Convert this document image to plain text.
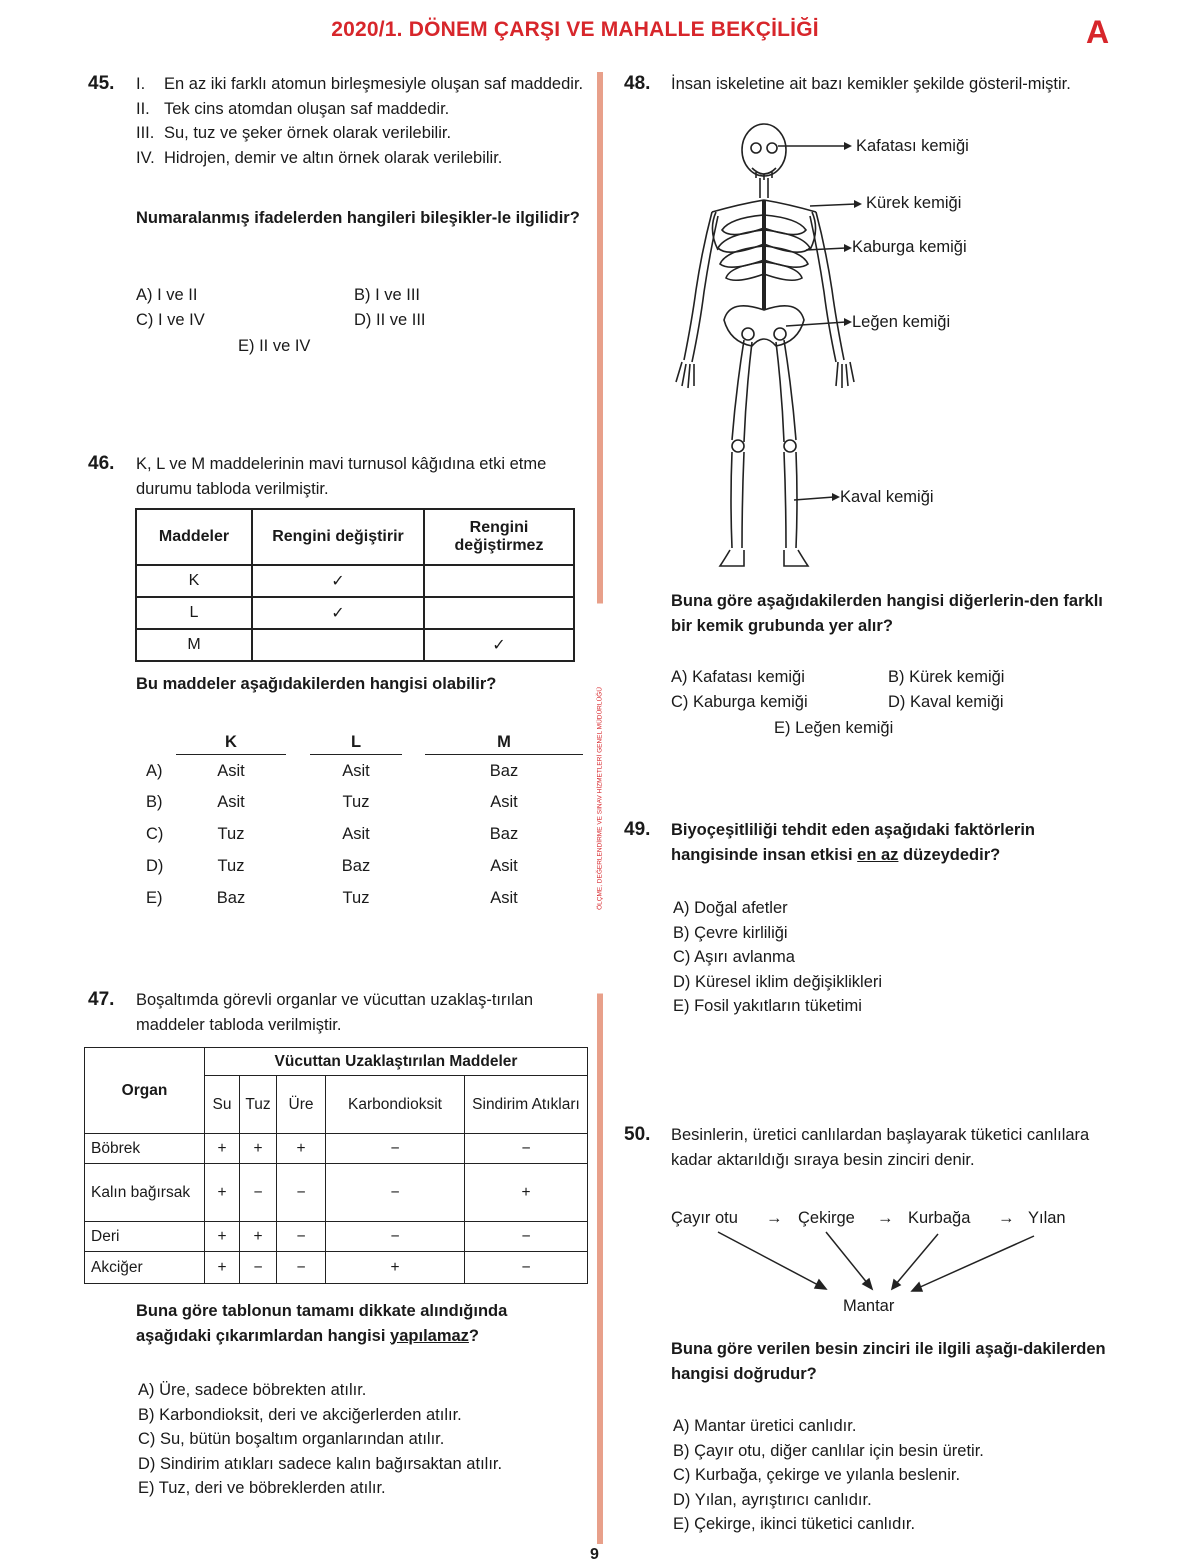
2020/1. DÖNEM ÇARŞI VE MAHALLE BEKÇİLİĞİ	A
ÖLÇME, DEĞERLENDİRME VE SINAV HİZMETLERİ GENEL MÜDÜRLÜĞÜ
45. I.	En az iki farklı atomun birleşmesiyle oluşan saf maddedir.
II. Tek cins atomdan oluşan saf maddedir.
III. Su, tuz ve şeker örnek olarak verilebilir.
IV. Hidrojen, demir ve altın örnek olarak verilebilir.
Numaralanmış ifadelerden hangileri bileşikler-le ilgilidir?
A) I ve II	B) I ve III
C) I ve IV	D) II ve III
E) II ve IV
46. K, L ve M maddelerinin mavi turnusol kâğıdına etki etme durumu tabloda verilmiştir.
Maddeler	Rengini değiştirir	Rengini değiştirmez
K	✓	
L	✓	
M		✓
Bu maddeler aşağıdakilerden hangisi olabilir?
K	L	M
A)	Asit	Asit	Baz
B)	Asit	Tuz	Asit
C)	Tuz	Asit	Baz
D)	Tuz	Baz	Asit
E)	Baz	Tuz	Asit
47. Boşaltımda görevli organlar ve vücuttan uzaklaş-tırılan maddeler tabloda verilmiştir.
Organ	Vücuttan Uzaklaştırılan Maddeler				
	Su	Tuz	Üre	Karbondioksit	Sindirim Atıkları
Böbrek	+	+	+	−	−
Kalın bağırsak	+	−	−	−	+
Deri	+	+	−	−	−
Akciğer	+	−	−	+	−
Buna göre tablonun tamamı dikkate alındığında
aşağıdaki çıkarımlardan hangisi yapılamaz?
A) Üre, sadece böbrekten atılır.
B) Karbondioksit, deri ve akciğerlerden atılır.
C) Su, bütün boşaltım organlarından atılır.
D) Sindirim atıkları sadece kalın bağırsaktan atılır.
E) Tuz, deri ve böbreklerden atılır.
48. İnsan iskeletine ait bazı kemikler şekilde gösteril-miştir.
Kafatası kemiği
Kürek kemiği
Kaburga kemiği
Leğen kemiği
Kaval kemiği
Buna göre aşağıdakilerden hangisi diğerlerin-den farklı bir kemik grubunda yer alır?
A) Kafatası kemiği	B) Kürek kemiği
C) Kaburga kemiği	D) Kaval kemiği
E) Leğen kemiği
49. Biyoçeşitliliği tehdit eden aşağıdaki faktörlerin
hangisinde insan etkisi en az düzeydedir?
A) Doğal afetler
B) Çevre kirliliği
C) Aşırı avlanma
D) Küresel iklim değişiklikleri
E) Fosil yakıtların tüketimi
50. Besinlerin, üretici canlılardan başlayarak tüketici canlılara kadar aktarıldığı sıraya besin zinciri denir.
Çayır otu → Çekirge → Kurbağa → Yılan
Mantar
Buna göre verilen besin zinciri ile ilgili aşağı-dakilerden hangisi doğrudur?
A) Mantar üretici canlıdır.
B) Çayır otu, diğer canlılar için besin üretir.
C) Kurbağa, çekirge ve yılanla beslenir.
D) Yılan, ayrıştırıcı canlıdır.
E) Çekirge, ikinci tüketici canlıdır.
9
